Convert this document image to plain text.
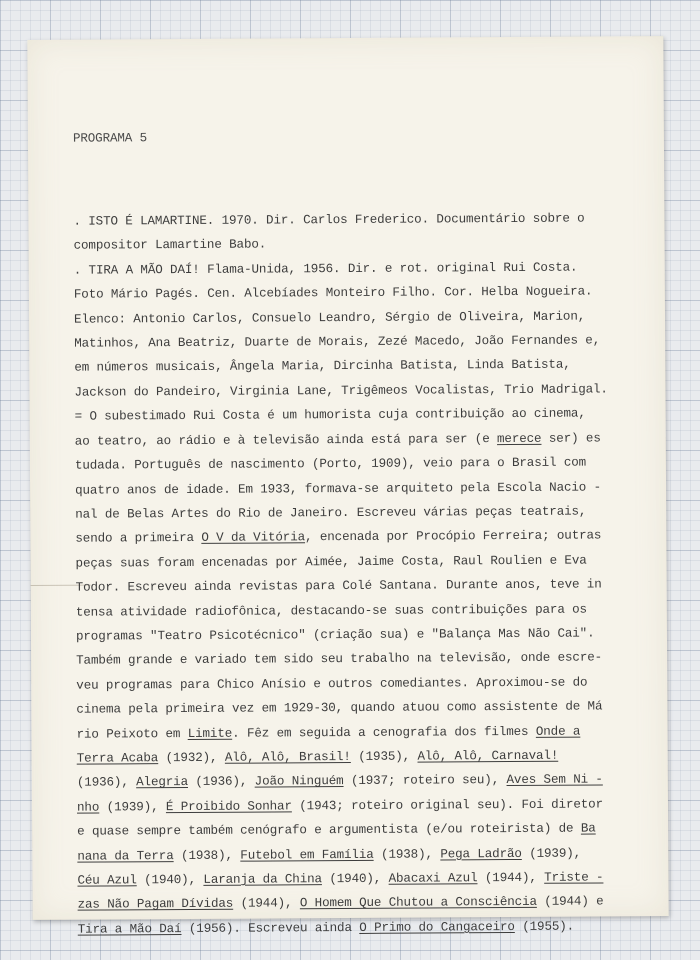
PROGRAMA 5

. ISTO É LAMARTINE. 1970. Dir. Carlos Frederico. Documentário sobre o
compositor Lamartine Babo.
. TIRA A MÃO DAÍ! Flama-Unida, 1956. Dir. e rot. original Rui Costa.
Foto Mário Pagés. Cen. Alcebíades Monteiro Filho. Cor. Helba Nogueira.
Elenco: Antonio Carlos, Consuelo Leandro, Sérgio de Oliveira, Marion,
Matinhos, Ana Beatriz, Duarte de Morais, Zezé Macedo, João Fernandes e,
em números musicais, Ângela Maria, Dircinha Batista, Linda Batista,
Jackson do Pandeiro, Virginia Lane, Trigêmeos Vocalistas, Trio Madrigal.
= O subestimado Rui Costa é um humorista cuja contribuição ao cinema,
ao teatro, ao rádio e à televisão ainda está para ser (e merece ser) es
tudada. Português de nascimento (Porto, 1909), veio para o Brasil com
quatro anos de idade. Em 1933, formava-se arquiteto pela Escola Nacio -
nal de Belas Artes do Rio de Janeiro. Escreveu várias peças teatrais,
sendo a primeira O V da Vitória, encenada por Procópio Ferreira; outras
peças suas foram encenadas por Aimée, Jaime Costa, Raul Roulien e Eva
Todor. Escreveu ainda revistas para Colé Santana. Durante anos, teve in
tensa atividade radiofônica, destacando-se suas contribuições para os
programas "Teatro Psicotécnico" (criação sua) e "Balança Mas Não Cai".
Também grande e variado tem sido seu trabalho na televisão, onde escre-
veu programas para Chico Anísio e outros comediantes. Aproximou-se do
cinema pela primeira vez em 1929-30, quando atuou como assistente de Má
rio Peixoto em Limite. Fêz em seguida a cenografia dos filmes Onde a
Terra Acaba (1932), Alô, Alô, Brasil! (1935), Alô, Alô, Carnaval!
(1936), Alegria (1936), João Ninguém (1937; roteiro seu), Aves Sem Ni -
nho (1939), É Proibido Sonhar (1943; roteiro original seu). Foi diretor
e quase sempre também cenógrafo e argumentista (e/ou roteirista) de Ba
nana da Terra (1938), Futebol em Família (1938), Pega Ladrão (1939),
Céu Azul (1940), Laranja da China (1940), Abacaxi Azul (1944), Triste -
zas Não Pagam Dívidas (1944), O Homem Que Chutou a Consciência (1944) e
Tira a Mão Daí (1956). Escreveu ainda O Primo do Cangaceiro (1955).
